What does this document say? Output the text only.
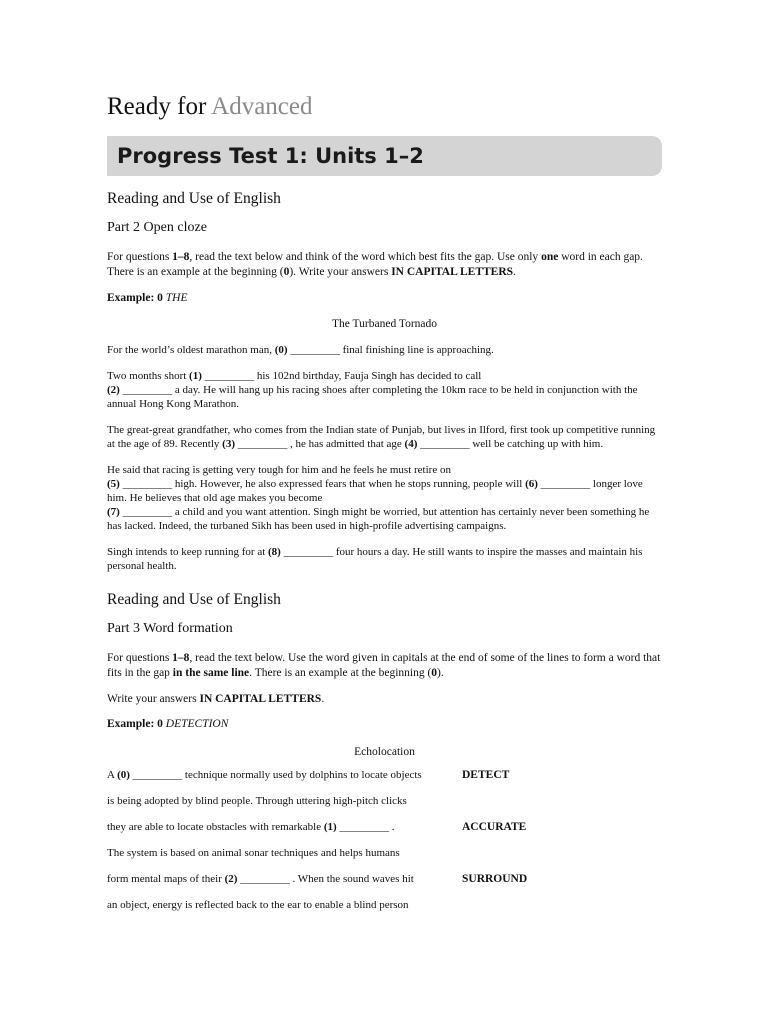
Ready for Advanced
Progress Test 1: Units 1–2
Reading and Use of English
Part 2 Open cloze

For questions 1–8, read the text below and think of the word which best fits the gap. Use only one word in each gap. There is an example at the beginning (0). Write your answers IN CAPITAL LETTERS.

Example: 0 THE

The Turbaned Tornado

For the world’s oldest marathon man, (0) _________ final finishing line is approaching.

Two months short (1) _________ his 102nd birthday, Fauja Singh has decided to call
(2) _________ a day. He will hang up his racing shoes after completing the 10km race to be held in conjunction with the annual Hong Kong Marathon.

The great-great grandfather, who comes from the Indian state of Punjab, but lives in Ilford, first took up competitive running at the age of 89. Recently (3) _________ , he has admitted that age (4) _________ well be catching up with him.

He said that racing is getting very tough for him and he feels he must retire on
(5) _________ high. However, he also expressed fears that when he stops running, people will (6) _________ longer love him. He believes that old age makes you become
(7) _________ a child and you want attention. Singh might be worried, but attention has certainly never been something he has lacked. Indeed, the turbaned Sikh has been used in high-profile advertising campaigns.

Singh intends to keep running for at (8) _________ four hours a day. He still wants to inspire the masses and maintain his personal health.

Reading and Use of English
Part 3 Word formation

For questions 1–8, read the text below. Use the word given in capitals at the end of some of the lines to form a word that fits in the gap in the same line. There is an example at the beginning (0).

Write your answers IN CAPITAL LETTERS.

Example: 0 DETECTION

Echolocation

A (0) _________ technique normally used by dolphins to locate objects	DETECT
is being adopted by blind people. Through uttering high-pitch clicks
they are able to locate obstacles with remarkable (1) _________ .	ACCURATE
The system is based on animal sonar techniques and helps humans
form mental maps of their (2) _________ . When the sound waves hit	SURROUND
an object, energy is reflected back to the ear to enable a blind person
